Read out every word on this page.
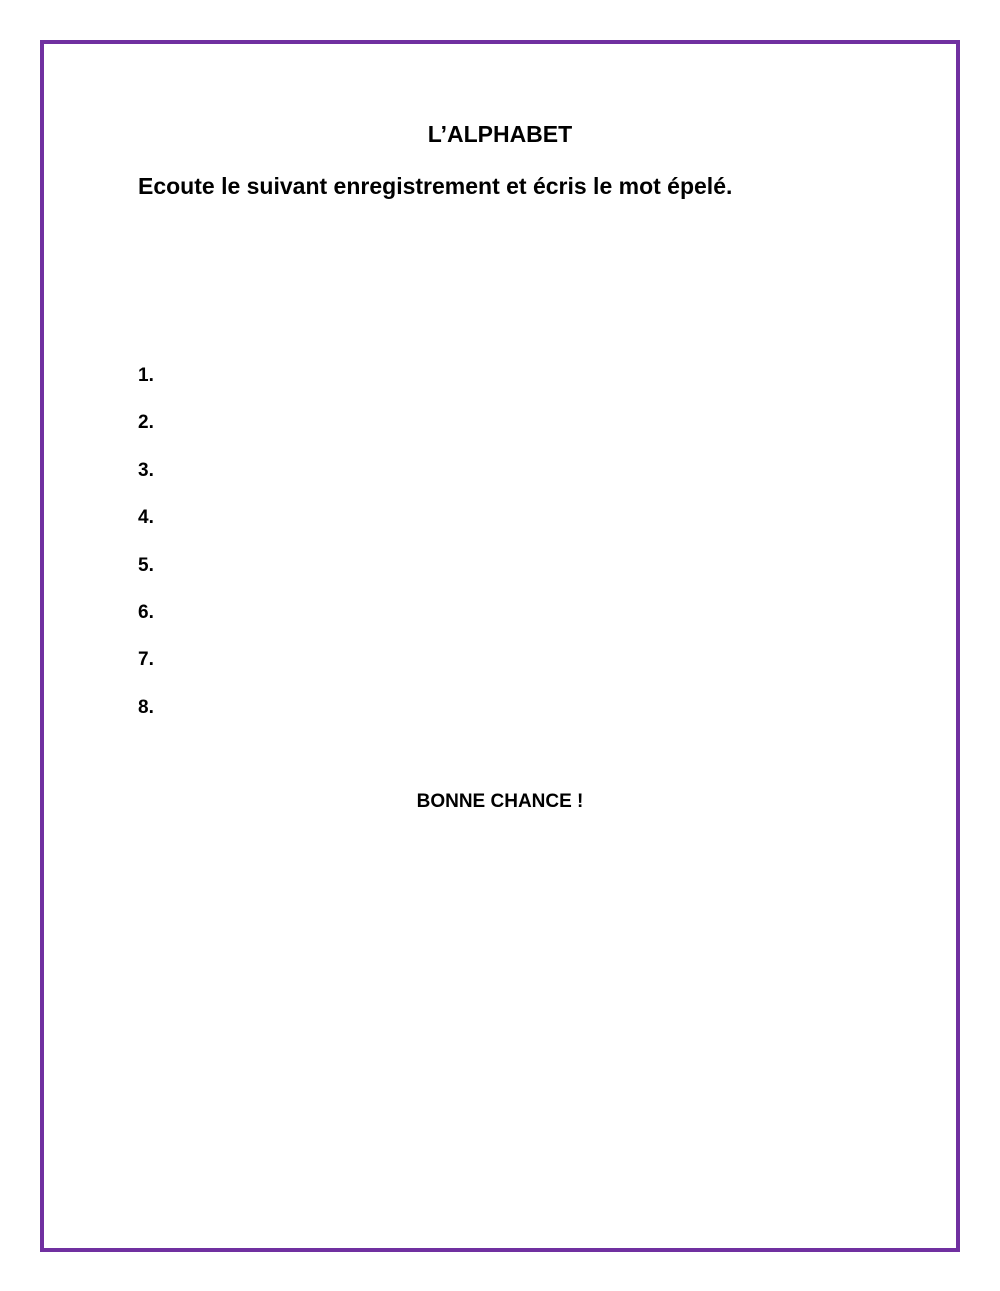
L’ALPHABET

Ecoute le suivant enregistrement et écris le mot épelé.

1.
2.
3.
4.
5.
6.
7.
8.

BONNE CHANCE !
